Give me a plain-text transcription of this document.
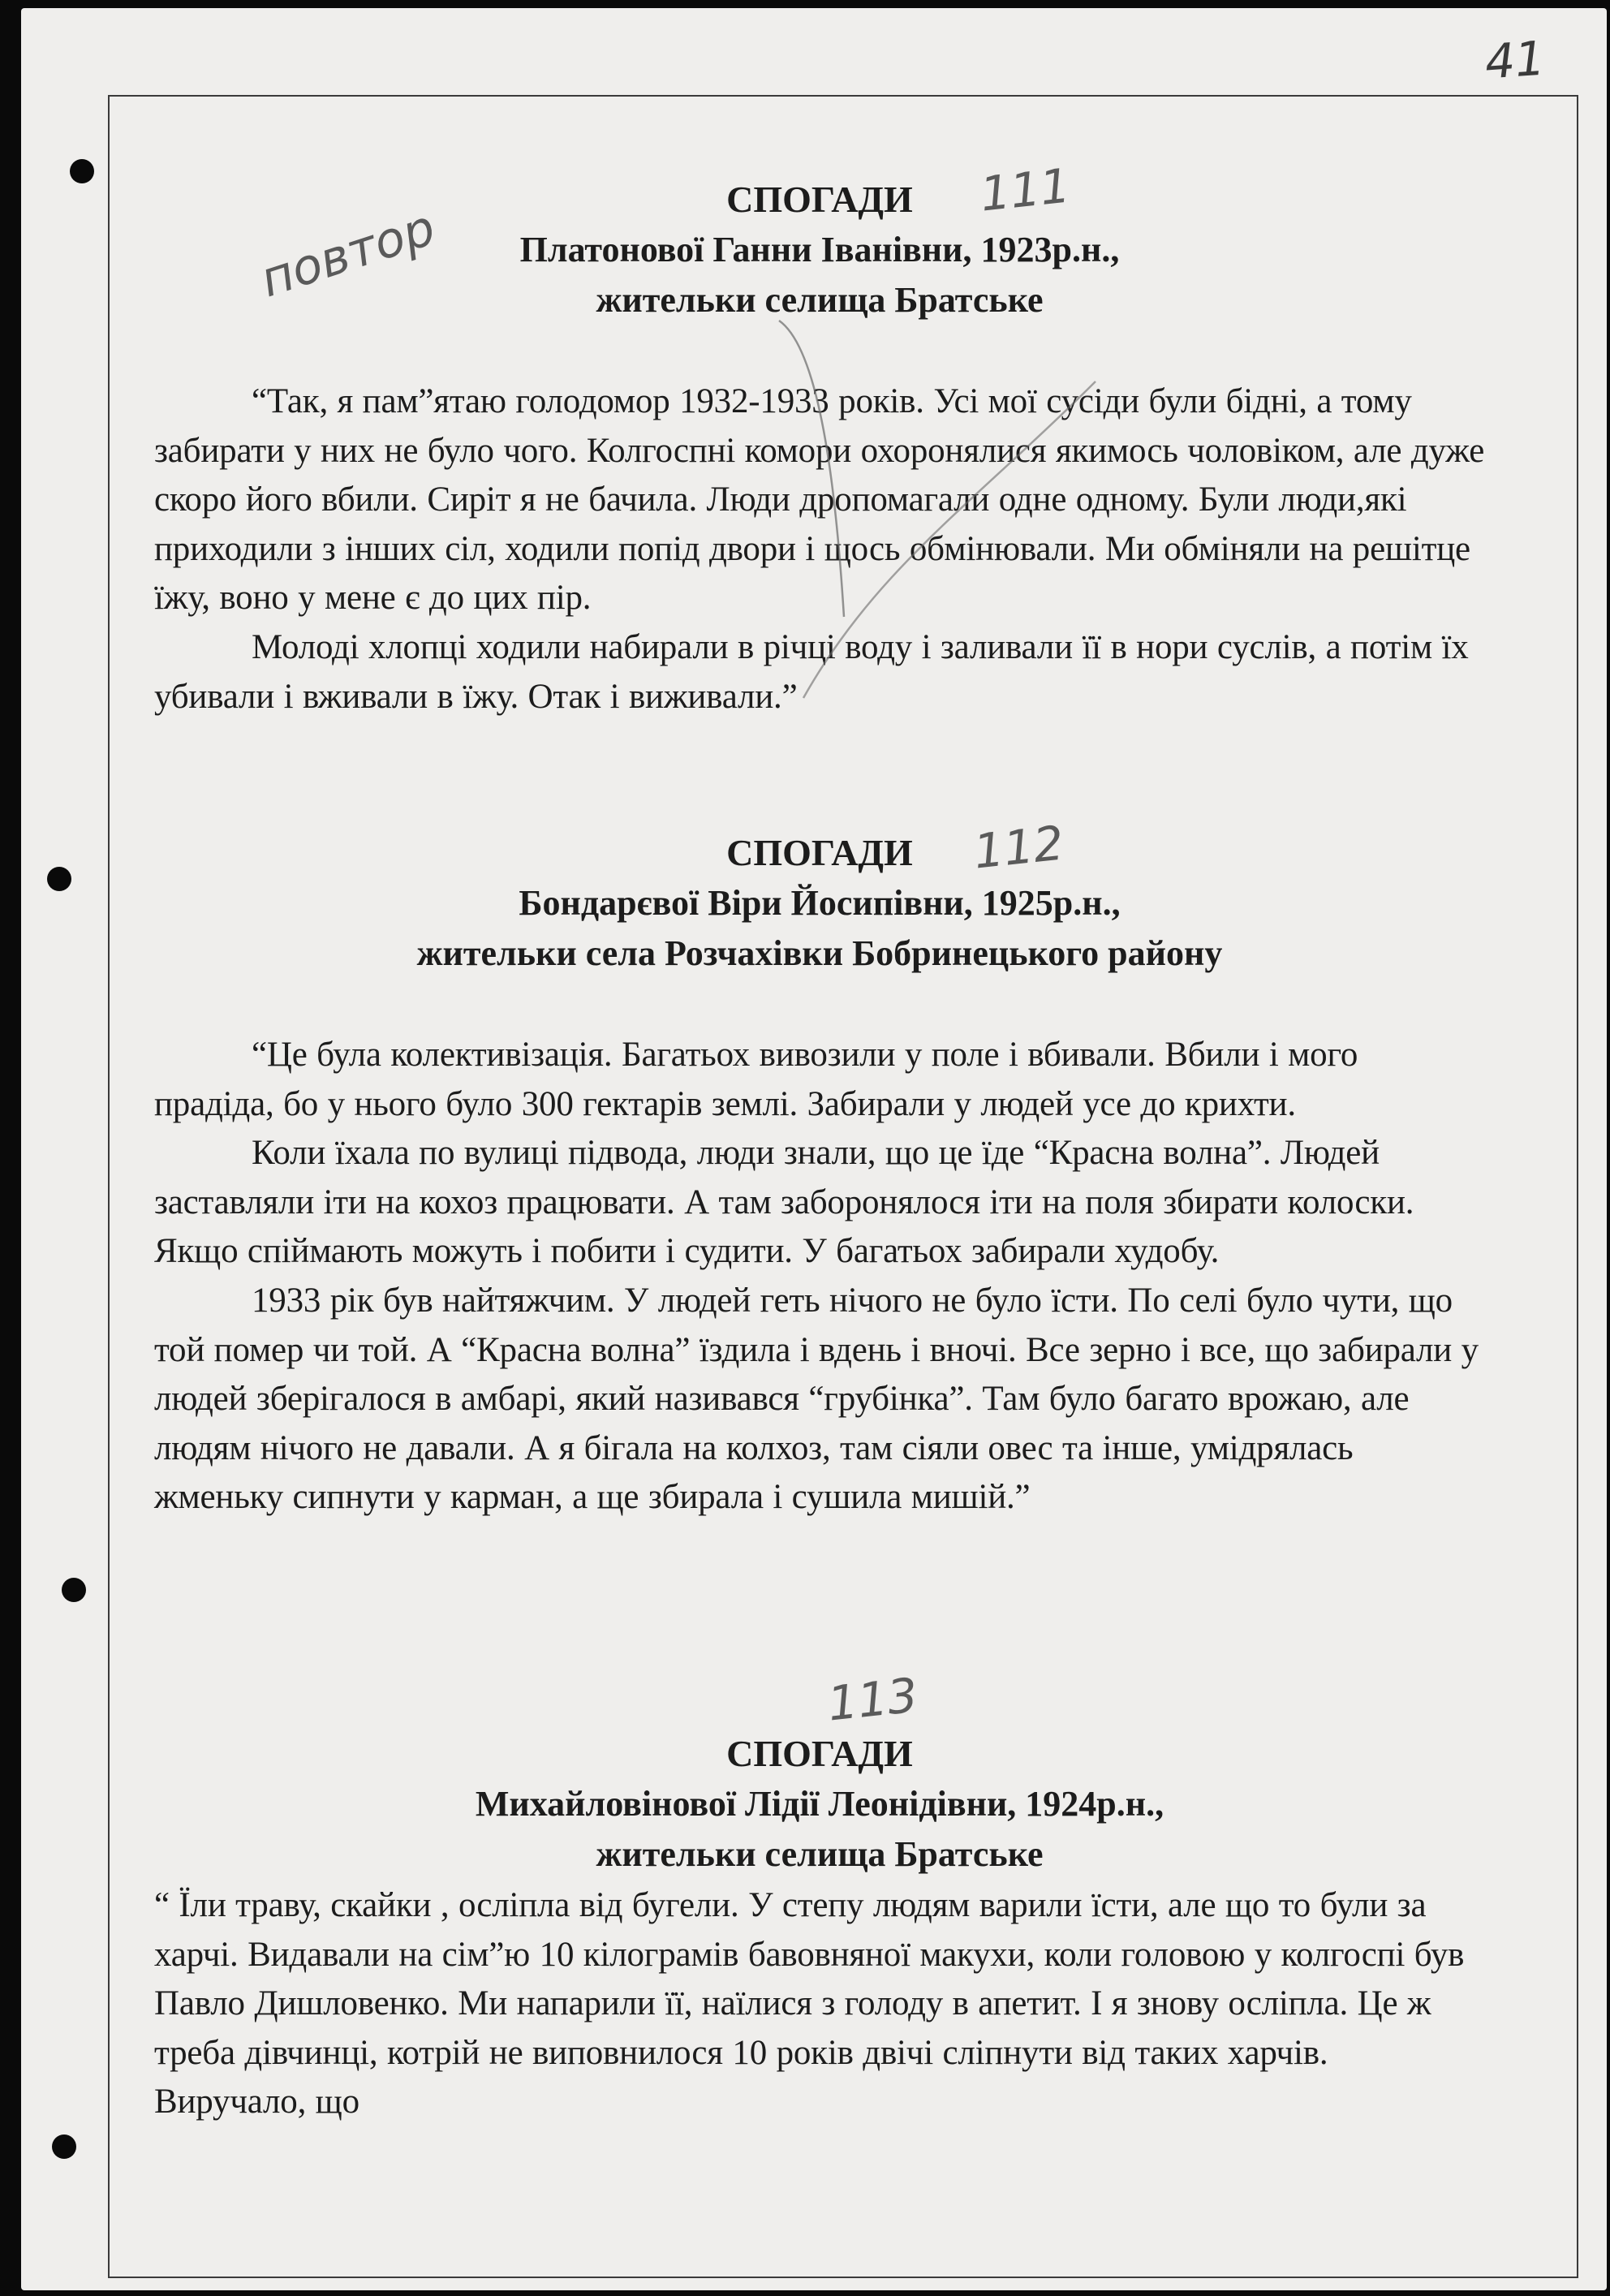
41
повтор

СПОГАДИ

Платонової Ганни Іванівни, 1923р.н.,

жительки селища Братське

“Так, я пам”ятаю голодомор 1932-1933 років. Усі мої сусіди були бідні, а тому забирати у них не було чого. Колгоспні комори охоронялися якимось чоловіком, але дуже скоро його вбили. Сиріт я не бачила. Люди дропомагали одне одному. Були люди,які приходили з інших сіл, ходили попід двори і щось обмінювали. Ми обміняли на решітце їжу, воно у мене є до цих пір.

Молоді хлопці ходили набирали в річці воду і заливали її в нори суслів, а потім їх убивали і вживали в їжу. Отак і виживали.”

111

СПОГАДИ

Бондарєвої Віри Йосипівни, 1925р.н.,

жительки села Розчахівки Бобринецького району

“Це була колективізація. Багатьох вивозили у поле і вбивали. Вбили і мого прадіда, бо у нього було 300 гектарів землі. Забирали у людей усе до крихти.

Коли їхала по вулиці підвода, люди знали, що це їде “Красна волна”. Людей заставляли іти на кохоз працювати. А там заборонялося іти на поля збирати колоски. Якщо спіймають можуть і побити і судити. У багатьох забирали худобу.

1933 рік був найтяжчим. У людей геть нічого не було їсти. По селі було чути, що той помер чи той. А “Красна волна” їздила і вдень і вночі. Все зерно і все, що забирали у людей зберігалося в амбарі, який називався “грубінка”. Там було багато врожаю, але людям нічого не давали. А я бігала на колхоз, там сіяли овес та інше, умідрялась жменьку сипнути у карман, а ще збирала і сушила мишій.”

112

СПОГАДИ

Михайловінової Лідії Леонідівни, 1924р.н.,

жительки селища Братське

“ Їли траву, скайки , осліпла від бугели. У степу людям варили їсти, але що то були за харчі. Видавали на сім”ю 10 кілограмів бавовняної макухи, коли головою у колгоспі був Павло Дишловенко. Ми напарили її, наїлися з голоду в апетит. І я знову осліпла. Це ж треба дівчинці, котрій не виповнилося 10 років двічі сліпнути від таких харчів. Виручало, що

113
